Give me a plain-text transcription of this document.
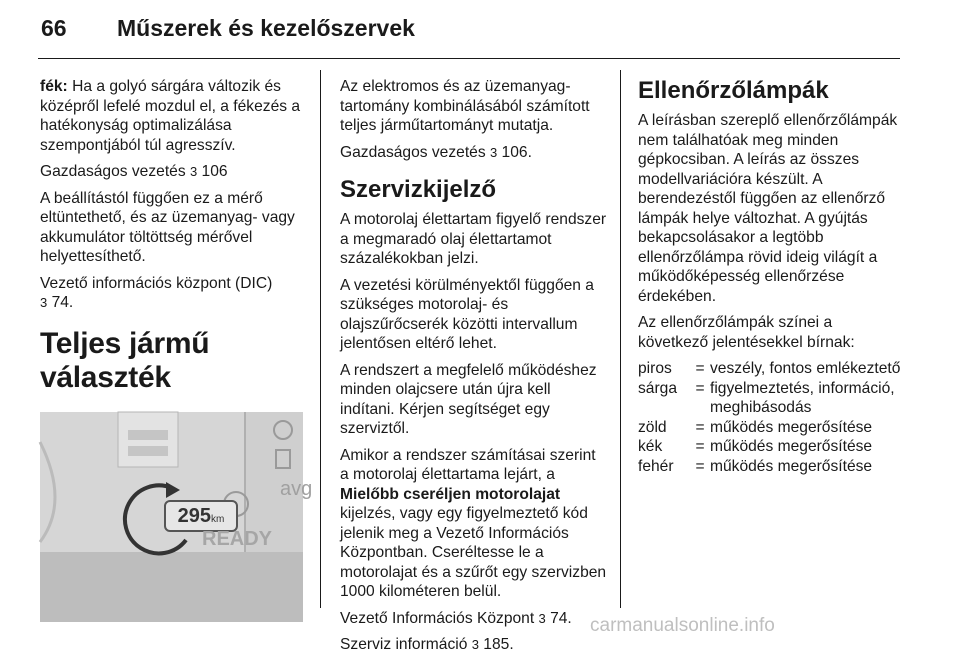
66 Műszerek és kezelőszervek

fék: Ha a golyó sárgára változik és középről lefelé mozdul el, a fékezés a hatékonyság optimalizálása szempontjából túl agresszív.

Gazdaságos vezetés 3 106

A beállítástól függően ez a mérő eltüntethető, és az üzemanyag- vagy akkumulátor töltöttség mérővel helyettesíthető.

Vezető információs központ (DIC)
3 74.

Teljes jármű választék
avg
295km
READY

Az elektromos és az üzemanyag- tartomány kombinálásából számított teljes járműtartományt mutatja.

Gazdaságos vezetés 3 106.

Szervizkijelző

A motorolaj élettartam figyelő rendszer a megmaradó olaj élettartamot százalékokban jelzi.

A vezetési körülményektől függően a szükséges motorolaj- és olajszűrőcserék közötti intervallum jelentősen eltérő lehet.

A rendszert a megfelelő működéshez minden olajcsere után újra kell indítani. Kérjen segítséget egy szerviztől.

Amikor a rendszer számításai szerint a motorolaj élettartama lejárt, a Mielőbb cseréljen motorolajat kijelzés, vagy egy figyelmeztető kód jelenik meg a Vezető Információs Központban. Cseréltesse le a motorolajat és a szűrőt egy szervizben 1000 kilométeren belül.

Vezető Információs Központ 3 74.

Szerviz információ 3 185.

Ellenőrzőlámpák

A leírásban szereplő ellenőrzőlámpák nem találhatóak meg minden gépkocsiban. A leírás az összes modellvariációra készült. A berendezéstől függően az ellenőrző lámpák helye változhat. A gyújtás bekapcsolásakor a legtöbb ellenőrzőlámpa rövid ideig világít a működőképesség ellenőrzése érdekében.

Az ellenőrzőlámpák színei a következő jelentésekkel bírnak:

piros	=	veszély, fontos emlékeztető
sárga	=	figyelmeztetés, információ, meghibásodás
zöld	=	működés megerősítése
kék	=	működés megerősítése
fehér	=	működés megerősítése
carmanualsonline.info
